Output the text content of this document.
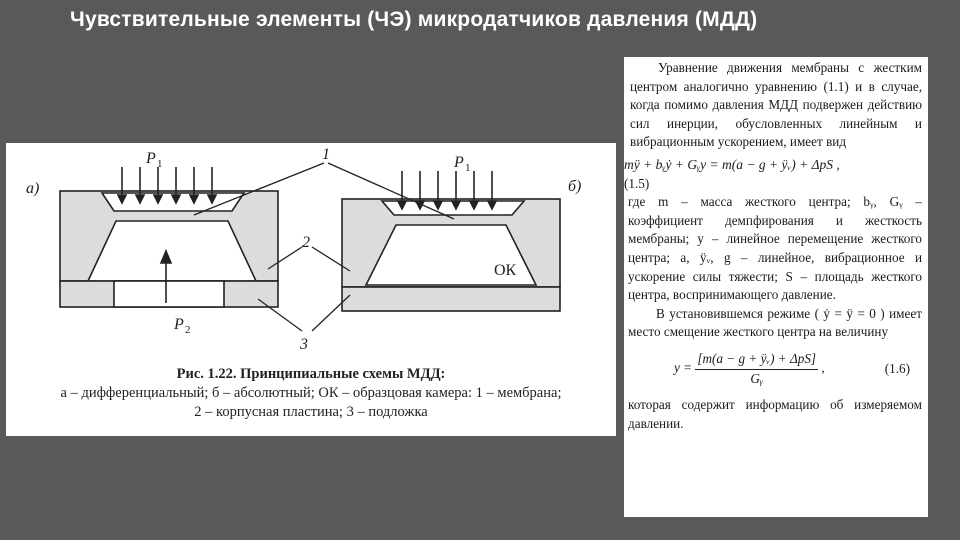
Чувствительные элементы (ЧЭ) микродатчиков давления (МДД)
а)	б)
P 1	P 1
P 2
1
2
3
ОК
Рис. 1.22. Принципиальные схемы МДД:
а – дифференциальный; б – абсолютный; ОК – образцовая камера: 1 – мембрана;
2 – корпусная пластина; 3 – подложка

Уравнение движения мембраны с жестким центром аналогично уравнению (1.1) и в случае, когда помимо давления МДД подвержен действию сил инерции, обусловленных линейным и вибрационным ускорением, имеет вид

mÿ + bᵧẏ + Gᵧy = m(a − g + ÿᵥ) + ΔpS ,

(1.5)

где m – масса жесткого центра; bᵧ, Gᵧ – коэффициент демпфирования и жесткость мембраны; y – линейное перемещение жесткого центра; a, ÿᵥ, g – линейное, вибрационное и ускорение силы тяжести; S – площадь жесткого центра, воспринимающего давление.

В установившемся режиме ( ẏ = ÿ = 0 ) имеет место смещение жесткого центра на величину

$y = \frac{\text{[m(a − g + ÿᵥ) + ΔpS]}}{\text{Gᵧ}}$ ,	(1.6)

которая содержит информацию об измеряемом давлении.
